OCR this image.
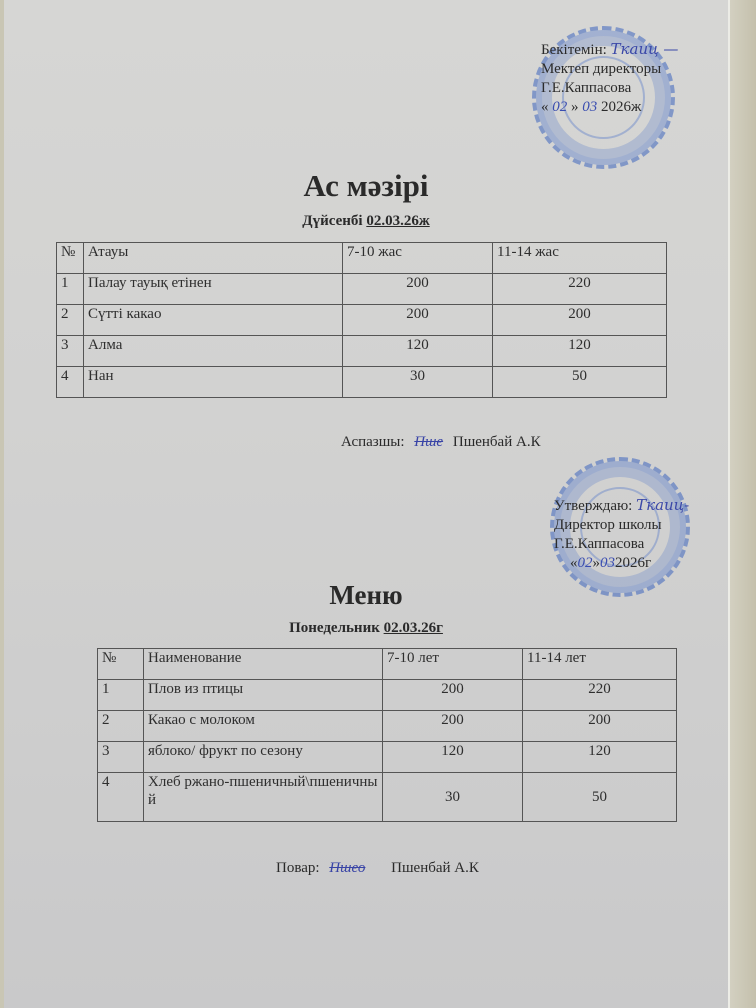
Бекітемін: Ткаиц —
Мектеп директоры
Г.Е.Каппасова
« 02 » 03 2026ж
Ас мәзірі
Дүйсенбі 02.03.26ж
№	Атауы	7-10 жас	11-14 жас
1	Палау тауық етінен	200	220
2	Сүтті какао	200	200
3	Алма	120	120
4	Нан	30	50
Аспазшы: Пше Пшенбай А.К
Утверждаю: Ткаиц-
Директор школы
Г.Е.Каппасова
«02»032026г
Меню
Понедельник 02.03.26г
№	Наименование	7-10 лет	11-14 лет
1	Плов из птицы	200	220
2	Какао с молоком	200	200
3	яблоко/ фрукт по сезону	120	120
4	Хлеб ржано-пшеничный\пшеничный	30	50
Повар: Пшео Пшенбай А.К
